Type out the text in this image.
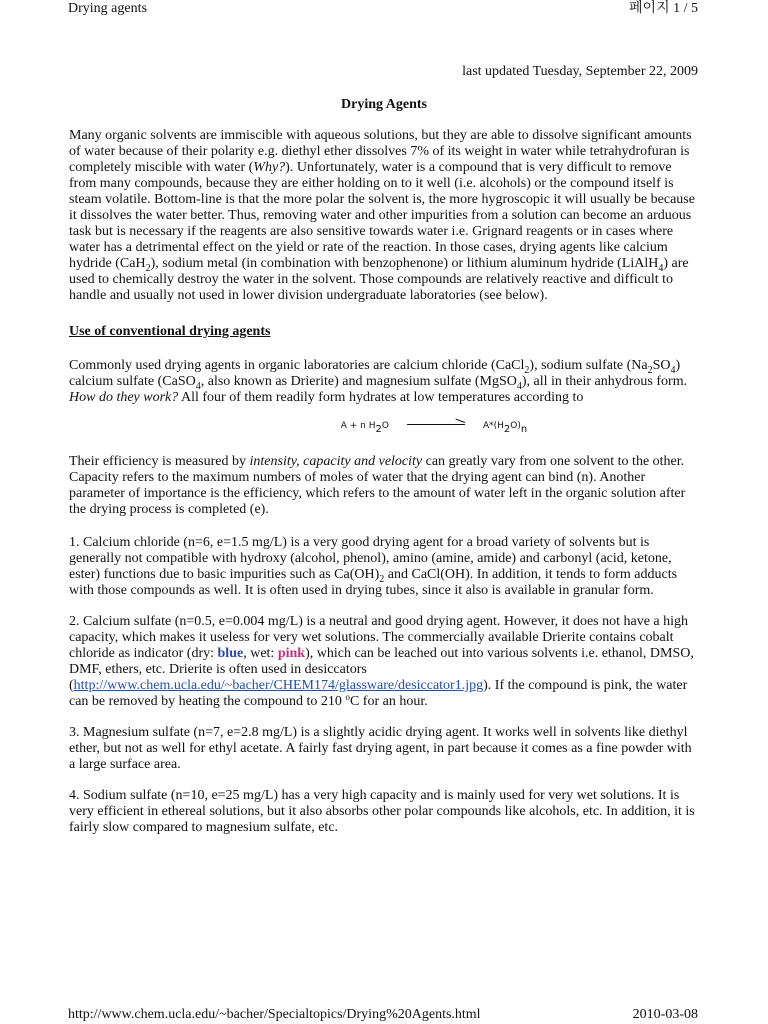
Drying agents	페이지 1 / 5
last updated Tuesday, September 22, 2009
Drying Agents

Many organic solvents are immiscible with aqueous solutions, but they are able to dissolve significant amounts of water because of their polarity e.g. diethyl ether dissolves 7% of its weight in water while tetrahydrofuran is completely miscible with water (Why?). Unfortunately, water is a compound that is very difficult to remove from many compounds, because they are either holding on to it well (i.e. alcohols) or the compound itself is steam volatile. Bottom-line is that the more polar the solvent is, the more hygroscopic it will usually be because it dissolves the water better. Thus, removing water and other impurities from a solution can become an arduous task but is necessary if the reagents are also sensitive towards water i.e. Grignard reagents or in cases where water has a detrimental effect on the yield or rate of the reaction. In those cases, drying agents like calcium hydride (CaH$_2$), sodium metal (in combination with benzophenone) or lithium aluminum hydride (LiAlH$_4$) are used to chemically destroy the water in the solvent. Those compounds are relatively reactive and difficult to handle and usually not used in lower division undergraduate laboratories (see below).

Use of conventional drying agents

Commonly used drying agents in organic laboratories are calcium chloride (CaCl$_2$), sodium sulfate $(Na_2SO_4)$ calcium sulfate (CaSO$_4$, also known as Drierite) and magnesium sulfate (MgSO$_4$), all in their anhydrous form. How do they work? All four of them readily form hydrates at low temperatures according to

A + n $H_2O$	$A*(H_2O)_n$

Their efficiency is measured by intensity, capacity and velocity can greatly vary from one solvent to the other. Capacity refers to the maximum numbers of moles of water that the drying agent can bind (n). Another parameter of importance is the efficiency, which refers to the amount of water left in the organic solution after the drying process is completed (e).

1. Calcium chloride (n=6, e=1.5 mg/L) is a very good drying agent for a broad variety of solvents but is generally not compatible with hydroxy (alcohol, phenol), amino (amine, amide) and carbonyl (acid, ketone, ester) functions due to basic impurities such as $Ca(OH)_2$ and CaCl(OH). In addition, it tends to form adducts with those compounds as well. It is often used in drying tubes, since it also is available in granular form.

2. Calcium sulfate (n=0.5, e=0.004 mg/L) is a neutral and good drying agent. However, it does not have a high capacity, which makes it useless for very wet solutions. The commercially available Drierite contains cobalt chloride as indicator (dry: blue, wet: pink), which can be leached out into various solvents i.e. ethanol, DMSO, DMF, ethers, etc. Drierite is often used in desiccators (http://www.chem.ucla.edu/~bacher/CHEM174/glassware/desiccator1.jpg). If the compound is pink, the water can be removed by heating the compound to 210 $^o$C for an hour.

3. Magnesium sulfate (n=7, e=2.8 mg/L) is a slightly acidic drying agent. It works well in solvents like diethyl ether, but not as well for ethyl acetate. A fairly fast drying agent, in part because it comes as a fine powder with a large surface area.

4. Sodium sulfate (n=10, e=25 mg/L) has a very high capacity and is mainly used for very wet solutions. It is very efficient in ethereal solutions, but it also absorbs other polar compounds like alcohols, etc. In addition, it is fairly slow compared to magnesium sulfate, etc.

http://www.chem.ucla.edu/~bacher/Specialtopics/Drying%20Agents.html	2010-03-08
